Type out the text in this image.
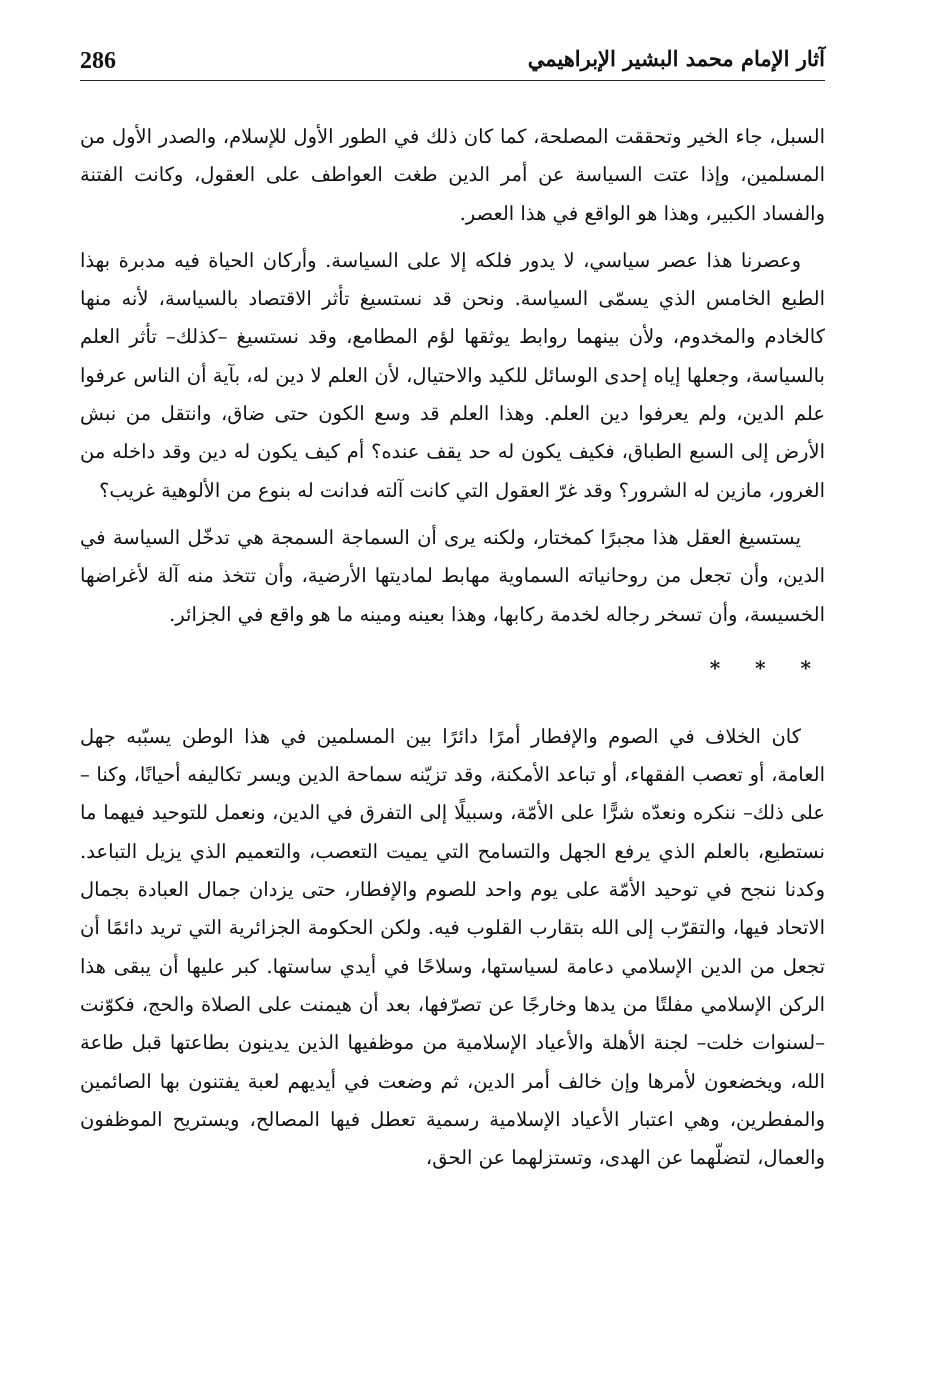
286	آثار الإمام محمد البشير الإبراهيمي

السبل، جاء الخير وتحققت المصلحة، كما كان ذلك في الطور الأول للإسلام، والصدر الأول من المسلمين، وإذا عتت السياسة عن أمر الدين طغت العواطف على العقول، وكانت الفتنة والفساد الكبير، وهذا هو الواقع في هذا العصر.

وعصرنا هذا عصر سياسي، لا يدور فلكه إلا على السياسة. وأركان الحياة فيه مدبرة بهذا الطبع الخامس الذي يسمّى السياسة. ونحن قد نستسيغ تأثر الاقتصاد بالسياسة، لأنه منها كالخادم والمخدوم، ولأن بينهما روابط يوثقها لؤم المطامع، وقد نستسيغ –كذلك– تأثر العلم بالسياسة، وجعلها إياه إحدى الوسائل للكيد والاحتيال، لأن العلم لا دين له، بآية أن الناس عرفوا علم الدين، ولم يعرفوا دين العلم. وهذا العلم قد وسع الكون حتى ضاق، وانتقل من نبش الأرض إلى السبع الطباق، فكيف يكون له حد يقف عنده؟ أم كيف يكون له دين وقد داخله من الغرور، مازين له الشرور؟ وقد غرّ العقول التي كانت آلته فدانت له بنوع من الألوهية غريب؟

يستسيغ العقل هذا مجبرًا كمختار، ولكنه يرى أن السماجة السمجة هي تدخّل السياسة في الدين، وأن تجعل من روحانياته السماوية مهابط لماديتها الأرضية، وأن تتخذ منه آلة لأغراضها الخسيسة، وأن تسخر رجاله لخدمة ركابها، وهذا بعينه ومينه ما هو واقع في الجزائر.

* * *

كان الخلاف في الصوم والإفطار أمرًا دائرًا بين المسلمين في هذا الوطن يسبّبه جهل العامة، أو تعصب الفقهاء، أو تباعد الأمكنة، وقد تزيّنه سماحة الدين ويسر تكاليفه أحيانًا، وكنا –على ذلك– ننكره ونعدّه شرًّا على الأمّة، وسبيلًا إلى التفرق في الدين، ونعمل للتوحيد فيهما ما نستطيع، بالعلم الذي يرفع الجهل والتسامح التي يميت التعصب، والتعميم الذي يزيل التباعد. وكدنا ننجح في توحيد الأمّة على يوم واحد للصوم والإفطار، حتى يزدان جمال العبادة بجمال الاتحاد فيها، والتقرّب إلى الله بتقارب القلوب فيه. ولكن الحكومة الجزائرية التي تريد دائمًا أن تجعل من الدين الإسلامي دعامة لسياستها، وسلاحًا في أيدي ساستها. كبر عليها أن يبقى هذا الركن الإسلامي مفلتًا من يدها وخارجًا عن تصرّفها، بعد أن هيمنت على الصلاة والحج، فكوّنت –لسنوات خلت– لجنة الأهلة والأعياد الإسلامية من موظفيها الذين يدينون بطاعتها قبل طاعة الله، ويخضعون لأمرها وإن خالف أمر الدين، ثم وضعت في أيديهم لعبة يفتنون بها الصائمين والمفطرين، وهي اعتبار الأعياد الإسلامية رسمية تعطل فيها المصالح، ويستريح الموظفون والعمال، لتضلّهما عن الهدى، وتستزلهما عن الحق،
